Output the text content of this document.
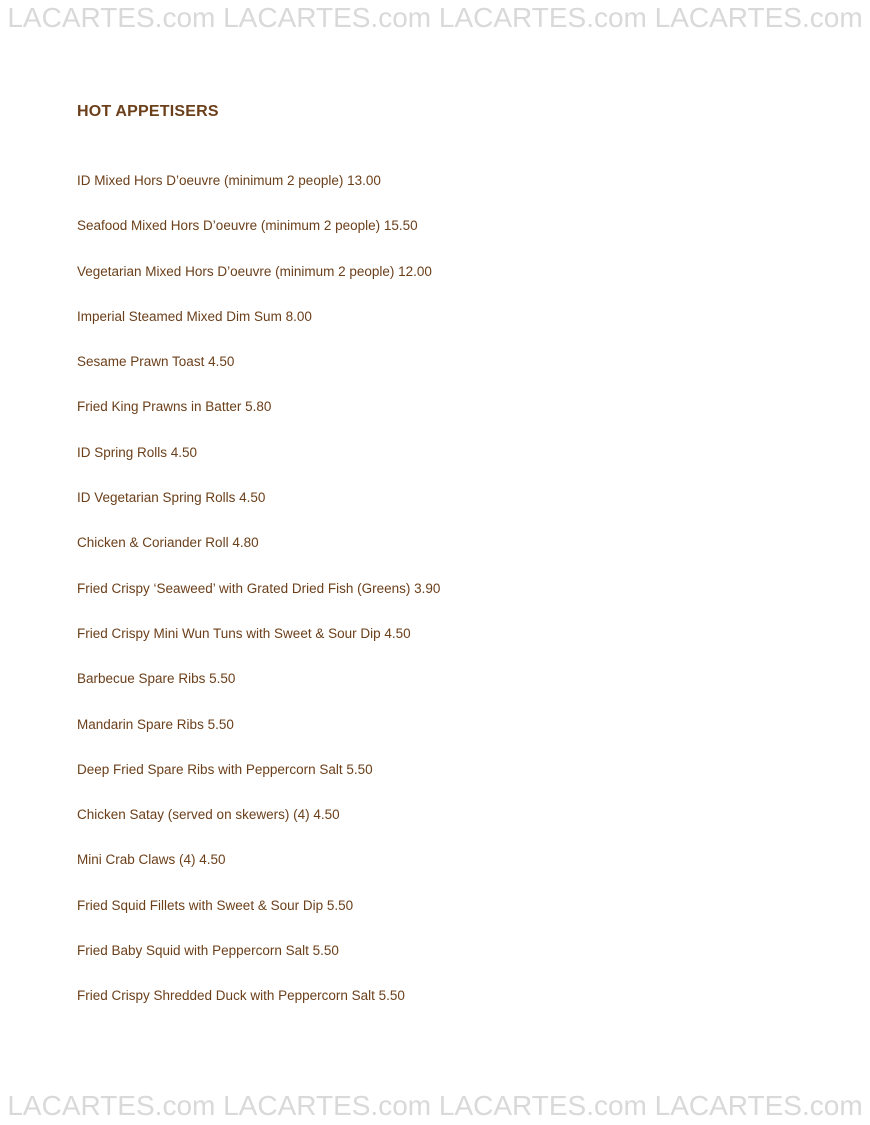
LACARTES.com LACARTES.com LACARTES.com LACARTES.com
HOT APPETISERS
ID Mixed Hors D’oeuvre (minimum 2 people) 13.00
Seafood Mixed Hors D’oeuvre (minimum 2 people) 15.50
Vegetarian Mixed Hors D’oeuvre (minimum 2 people) 12.00
Imperial Steamed Mixed Dim Sum 8.00
Sesame Prawn Toast 4.50
Fried King Prawns in Batter 5.80
ID Spring Rolls 4.50
ID Vegetarian Spring Rolls 4.50
Chicken & Coriander Roll 4.80
Fried Crispy ‘Seaweed’ with Grated Dried Fish (Greens) 3.90
Fried Crispy Mini Wun Tuns with Sweet & Sour Dip 4.50
Barbecue Spare Ribs 5.50
Mandarin Spare Ribs 5.50
Deep Fried Spare Ribs with Peppercorn Salt 5.50
Chicken Satay (served on skewers) (4) 4.50
Mini Crab Claws (4) 4.50
Fried Squid Fillets with Sweet & Sour Dip 5.50
Fried Baby Squid with Peppercorn Salt 5.50
Fried Crispy Shredded Duck with Peppercorn Salt 5.50
LACARTES.com LACARTES.com LACARTES.com LACARTES.com
